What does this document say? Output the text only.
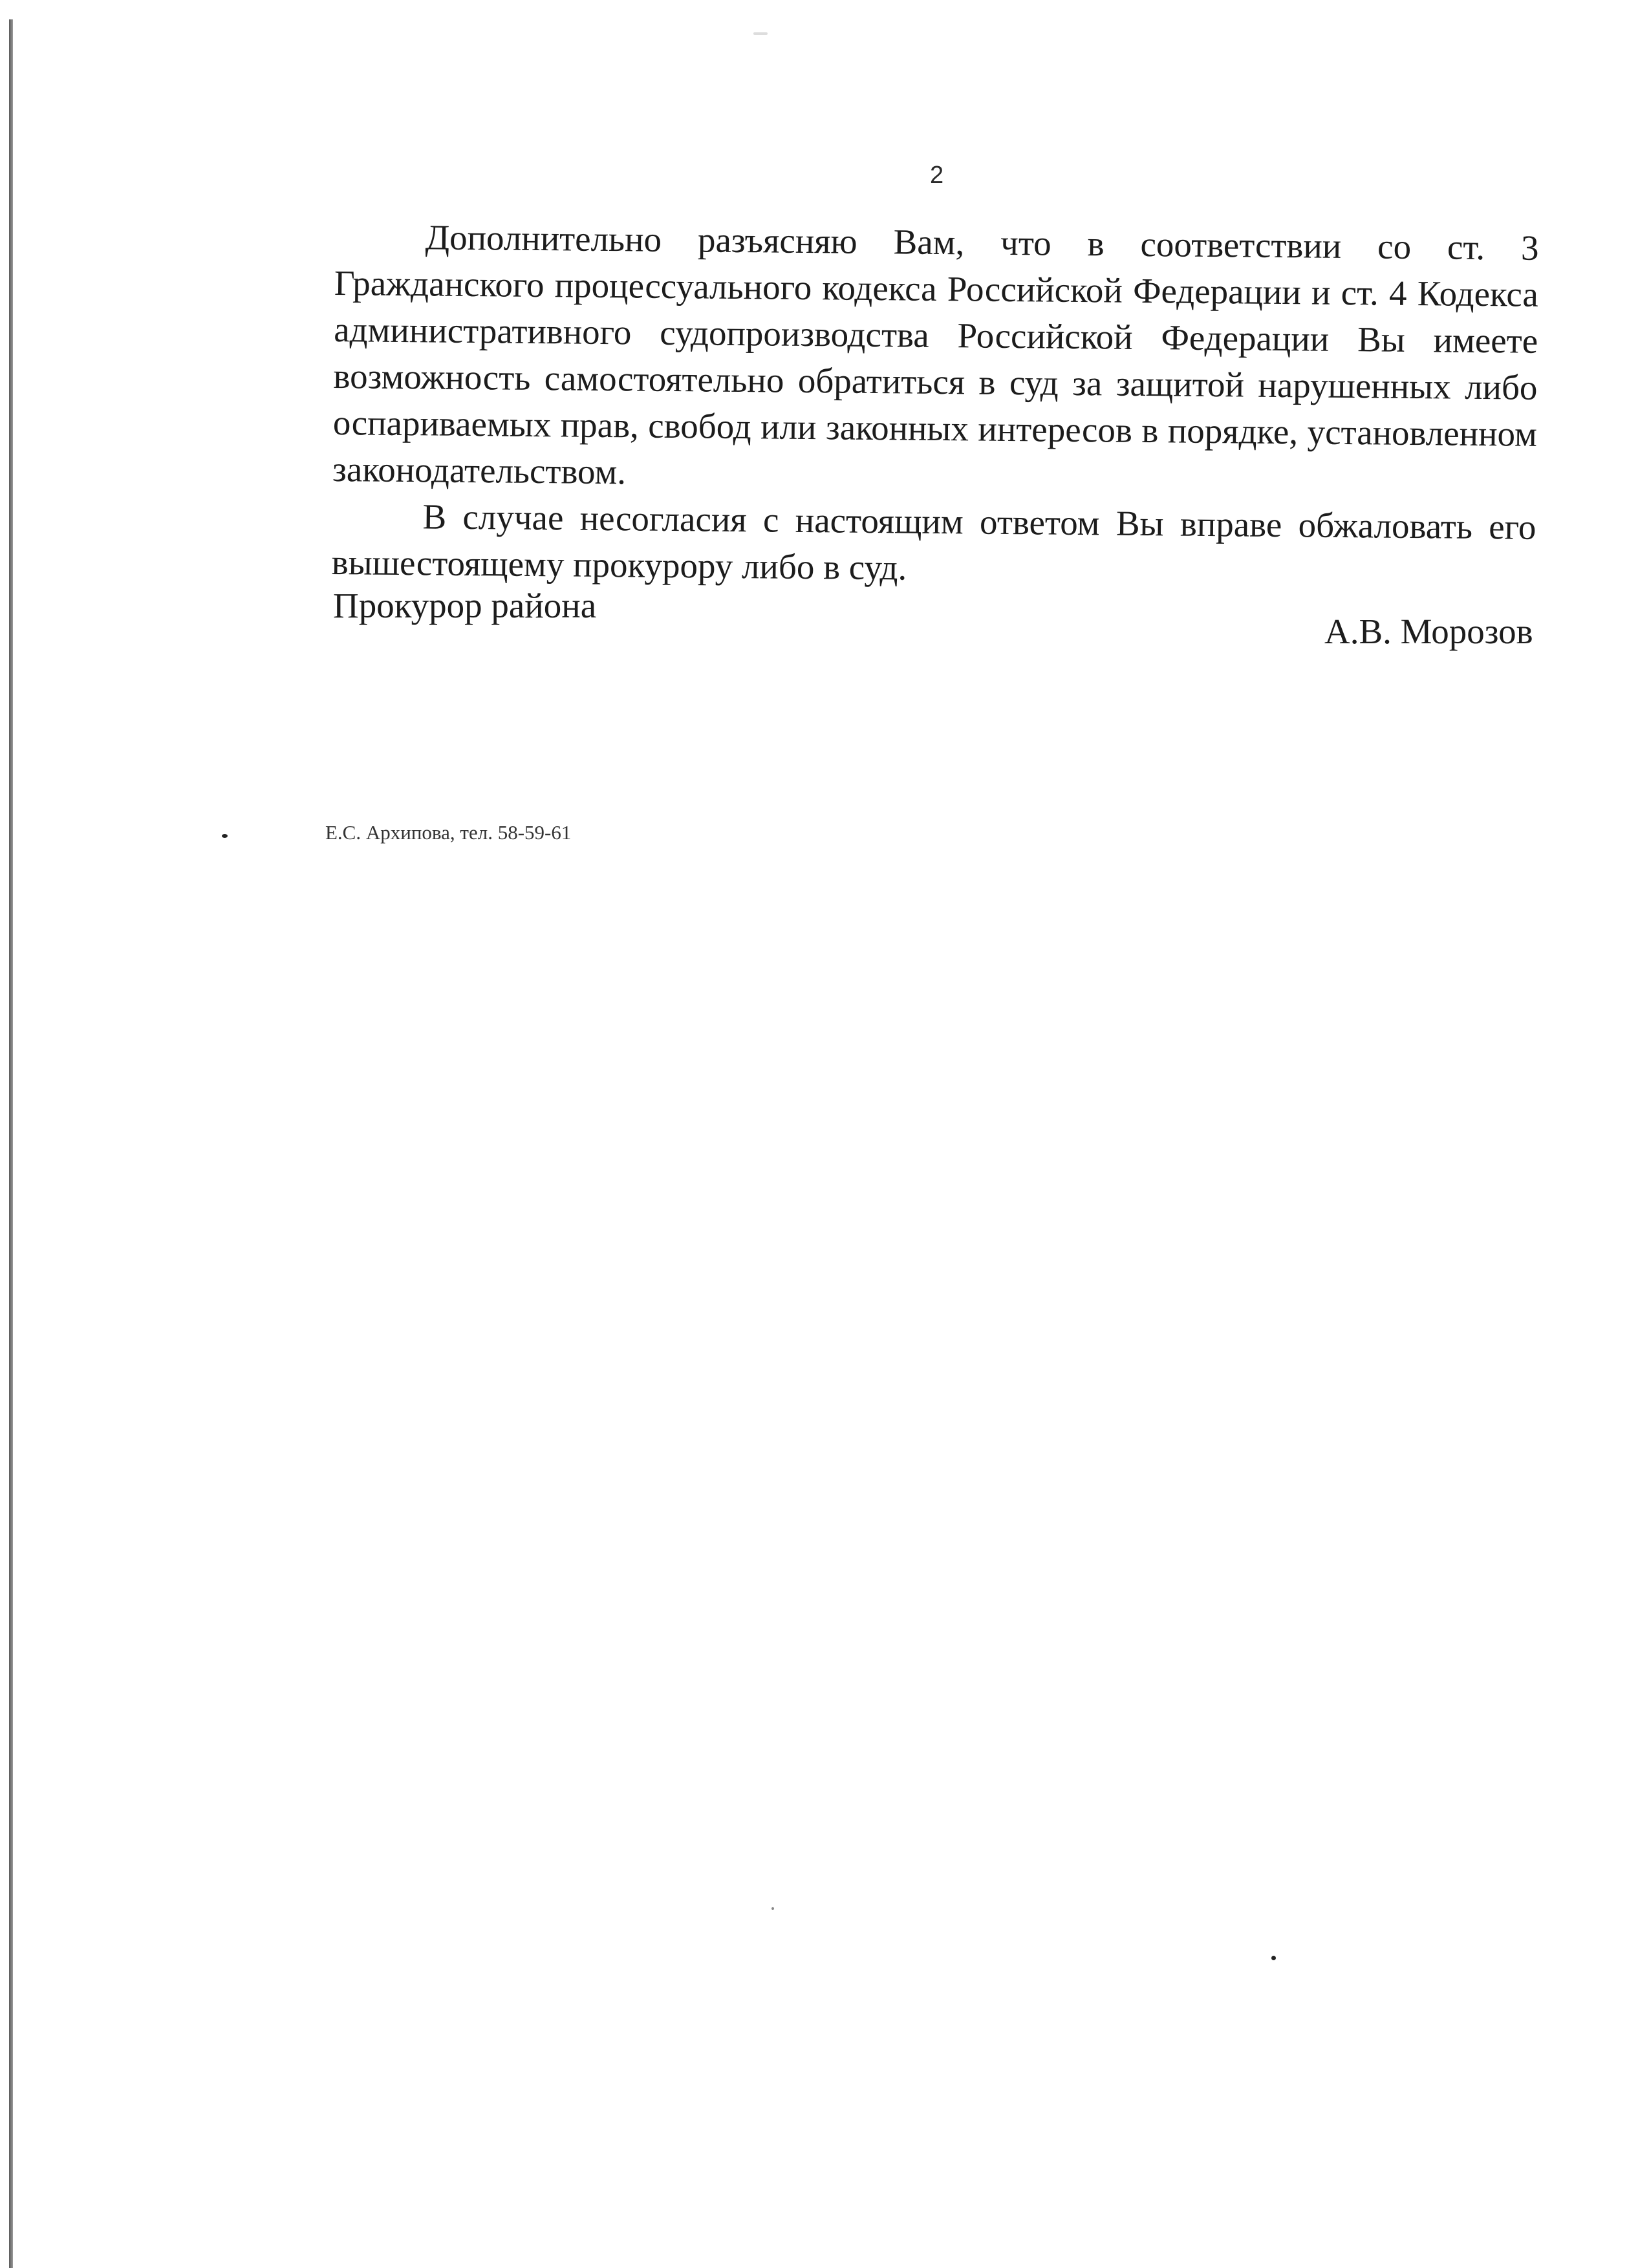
2

Дополнительно разъясняю Вам, что в соответствии со ст. 3 Гражданского процессуального кодекса Российской Федерации и ст. 4 Кодекса административного судопроизводства Российской Федерации Вы имеете возможность самостоятельно обратиться в суд за защитой нарушенных либо оспариваемых прав, свобод или законных интересов в порядке, установленном законодательством.

В случае несогласия с настоящим ответом Вы вправе обжаловать его вышестоящему прокурору либо в суд.

Прокурор района
А.В. Морозов
Е.С. Архипова, тел. 58-59-61
